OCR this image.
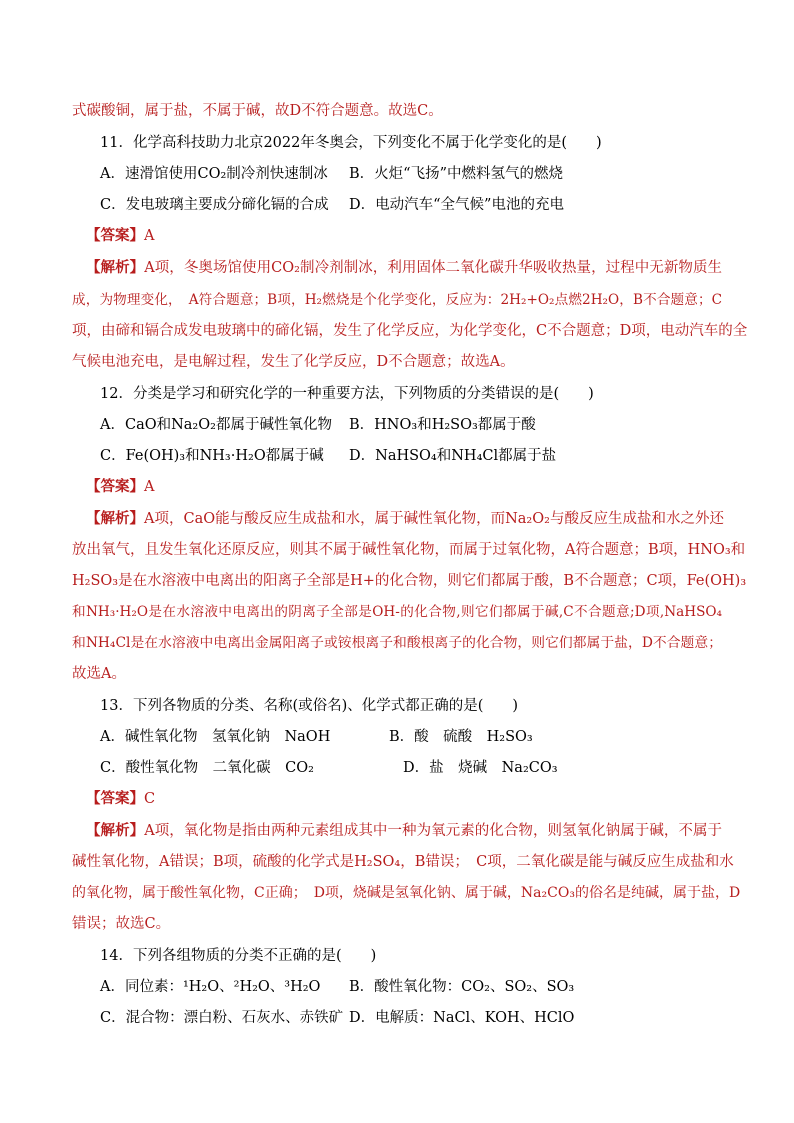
式碳酸铜，属于盐，不属于碱，故D不符合题意。故选C。
11．化学高科技助力北京2022年冬奥会，下列变化不属于化学变化的是(　　)
A．速滑馆使用CO₂制冷剂快速制冰 B．火炬“飞扬”中燃料氢气的燃烧
C．发电玻璃主要成分碲化镉的合成 D．电动汽车“全气候”电池的充电
【答案】A
【解析】A项，冬奥场馆使用CO₂制冷剂制冰，利用固体二氧化碳升华吸收热量，过程中无新物质生
成，为物理变化，　A符合题意；B项，H₂燃烧是个化学变化，反应为：2H₂+O₂点燃2H₂O，B不合题意；C
项，由碲和镉合成发电玻璃中的碲化镉，发生了化学反应，为化学变化，C不合题意；D项，电动汽车的全
气候电池充电，是电解过程，发生了化学反应，D不合题意；故选A。
12．分类是学习和研究化学的一种重要方法，下列物质的分类错误的是(　　)
A．CaO和Na₂O₂都属于碱性氧化物 B．HNO₃和H₂SO₃都属于酸
C．Fe(OH)₃和NH₃·H₂O都属于碱 D．NaHSO₄和NH₄Cl都属于盐
【答案】A
【解析】A项，CaO能与酸反应生成盐和水，属于碱性氧化物，而Na₂O₂与酸反应生成盐和水之外还
放出氧气，且发生氧化还原反应，则其不属于碱性氧化物，而属于过氧化物，A符合题意；B项，HNO₃和
H₂SO₃是在水溶液中电离出的阳离子全部是H+的化合物，则它们都属于酸，B不合题意；C项，Fe(OH)₃
和NH₃·H₂O是在水溶液中电离出的阴离子全部是OH-的化合物,则它们都属于碱,C不合题意;D项,NaHSO₄
和NH₄Cl是在水溶液中电离出金属阳离子或铵根离子和酸根离子的化合物，则它们都属于盐，D不合题意；
故选A。
13．下列各物质的分类、名称(或俗名)、化学式都正确的是(　　)
A．碱性氧化物　氢氧化钠　NaOH	B．酸　硫酸　H₂SO₃
C．酸性氧化物　二氧化碳　CO₂	D．盐　烧碱　Na₂CO₃
【答案】C
【解析】A项，氧化物是指由两种元素组成其中一种为氧元素的化合物，则氢氧化钠属于碱，不属于
碱性氧化物，A错误；B项，硫酸的化学式是H₂SO₄，B错误；　C项，二氧化碳是能与碱反应生成盐和水
的氧化物，属于酸性氧化物，C正确；　D项，烧碱是氢氧化钠、属于碱，Na₂CO₃的俗名是纯碱，属于盐，D
错误；故选C。
14．下列各组物质的分类不正确的是(　　)
A．同位素：¹H₂O、²H₂O、³H₂O B．酸性氧化物：CO₂、SO₂、SO₃
C．混合物：漂白粉、石灰水、赤铁矿 D．电解质：NaCl、KOH、HClO
